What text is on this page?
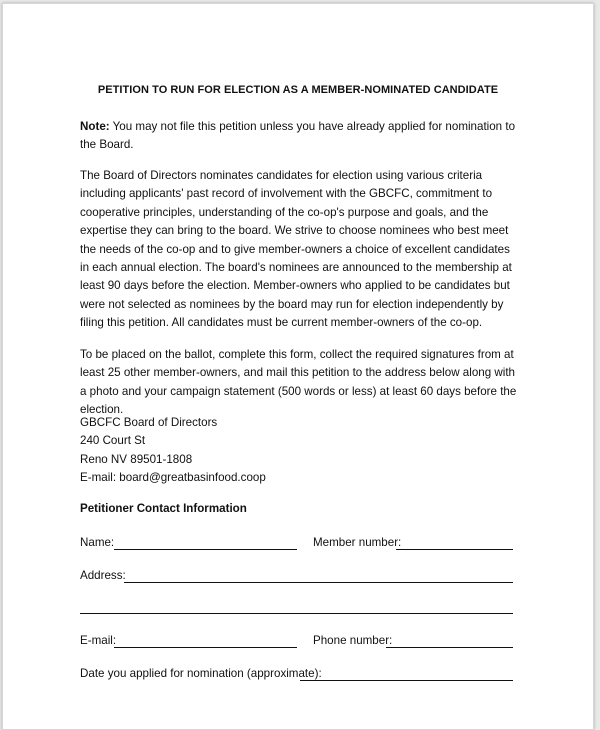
PETITION TO RUN FOR ELECTION AS A MEMBER-NOMINATED CANDIDATE
Note: You may not file this petition unless you have already applied for nomination to the Board.
The Board of Directors nominates candidates for election using various criteria including applicants' past record of involvement with the GBCFC, commitment to cooperative principles, understanding of the co-op's purpose and goals, and the expertise they can bring to the board. We strive to choose nominees who best meet the needs of the co-op and to give member-owners a choice of excellent candidates in each annual election. The board's nominees are announced to the membership at least 90 days before the election. Member-owners who applied to be candidates but were not selected as nominees by the board may run for election independently by filing this petition. All candidates must be current member-owners of the co-op.
To be placed on the ballot, complete this form, collect the required signatures from at least 25 other member-owners, and mail this petition to the address below along with a photo and your campaign statement (500 words or less) at least 60 days before the election.
GBCFC Board of Directors
240 Court St
Reno NV 89501-1808
E-mail: board@greatbasinfood.coop
Petitioner Contact Information
Name:	Member number:
Address:
E-mail:	Phone number:
Date you applied for nomination (approximate):
